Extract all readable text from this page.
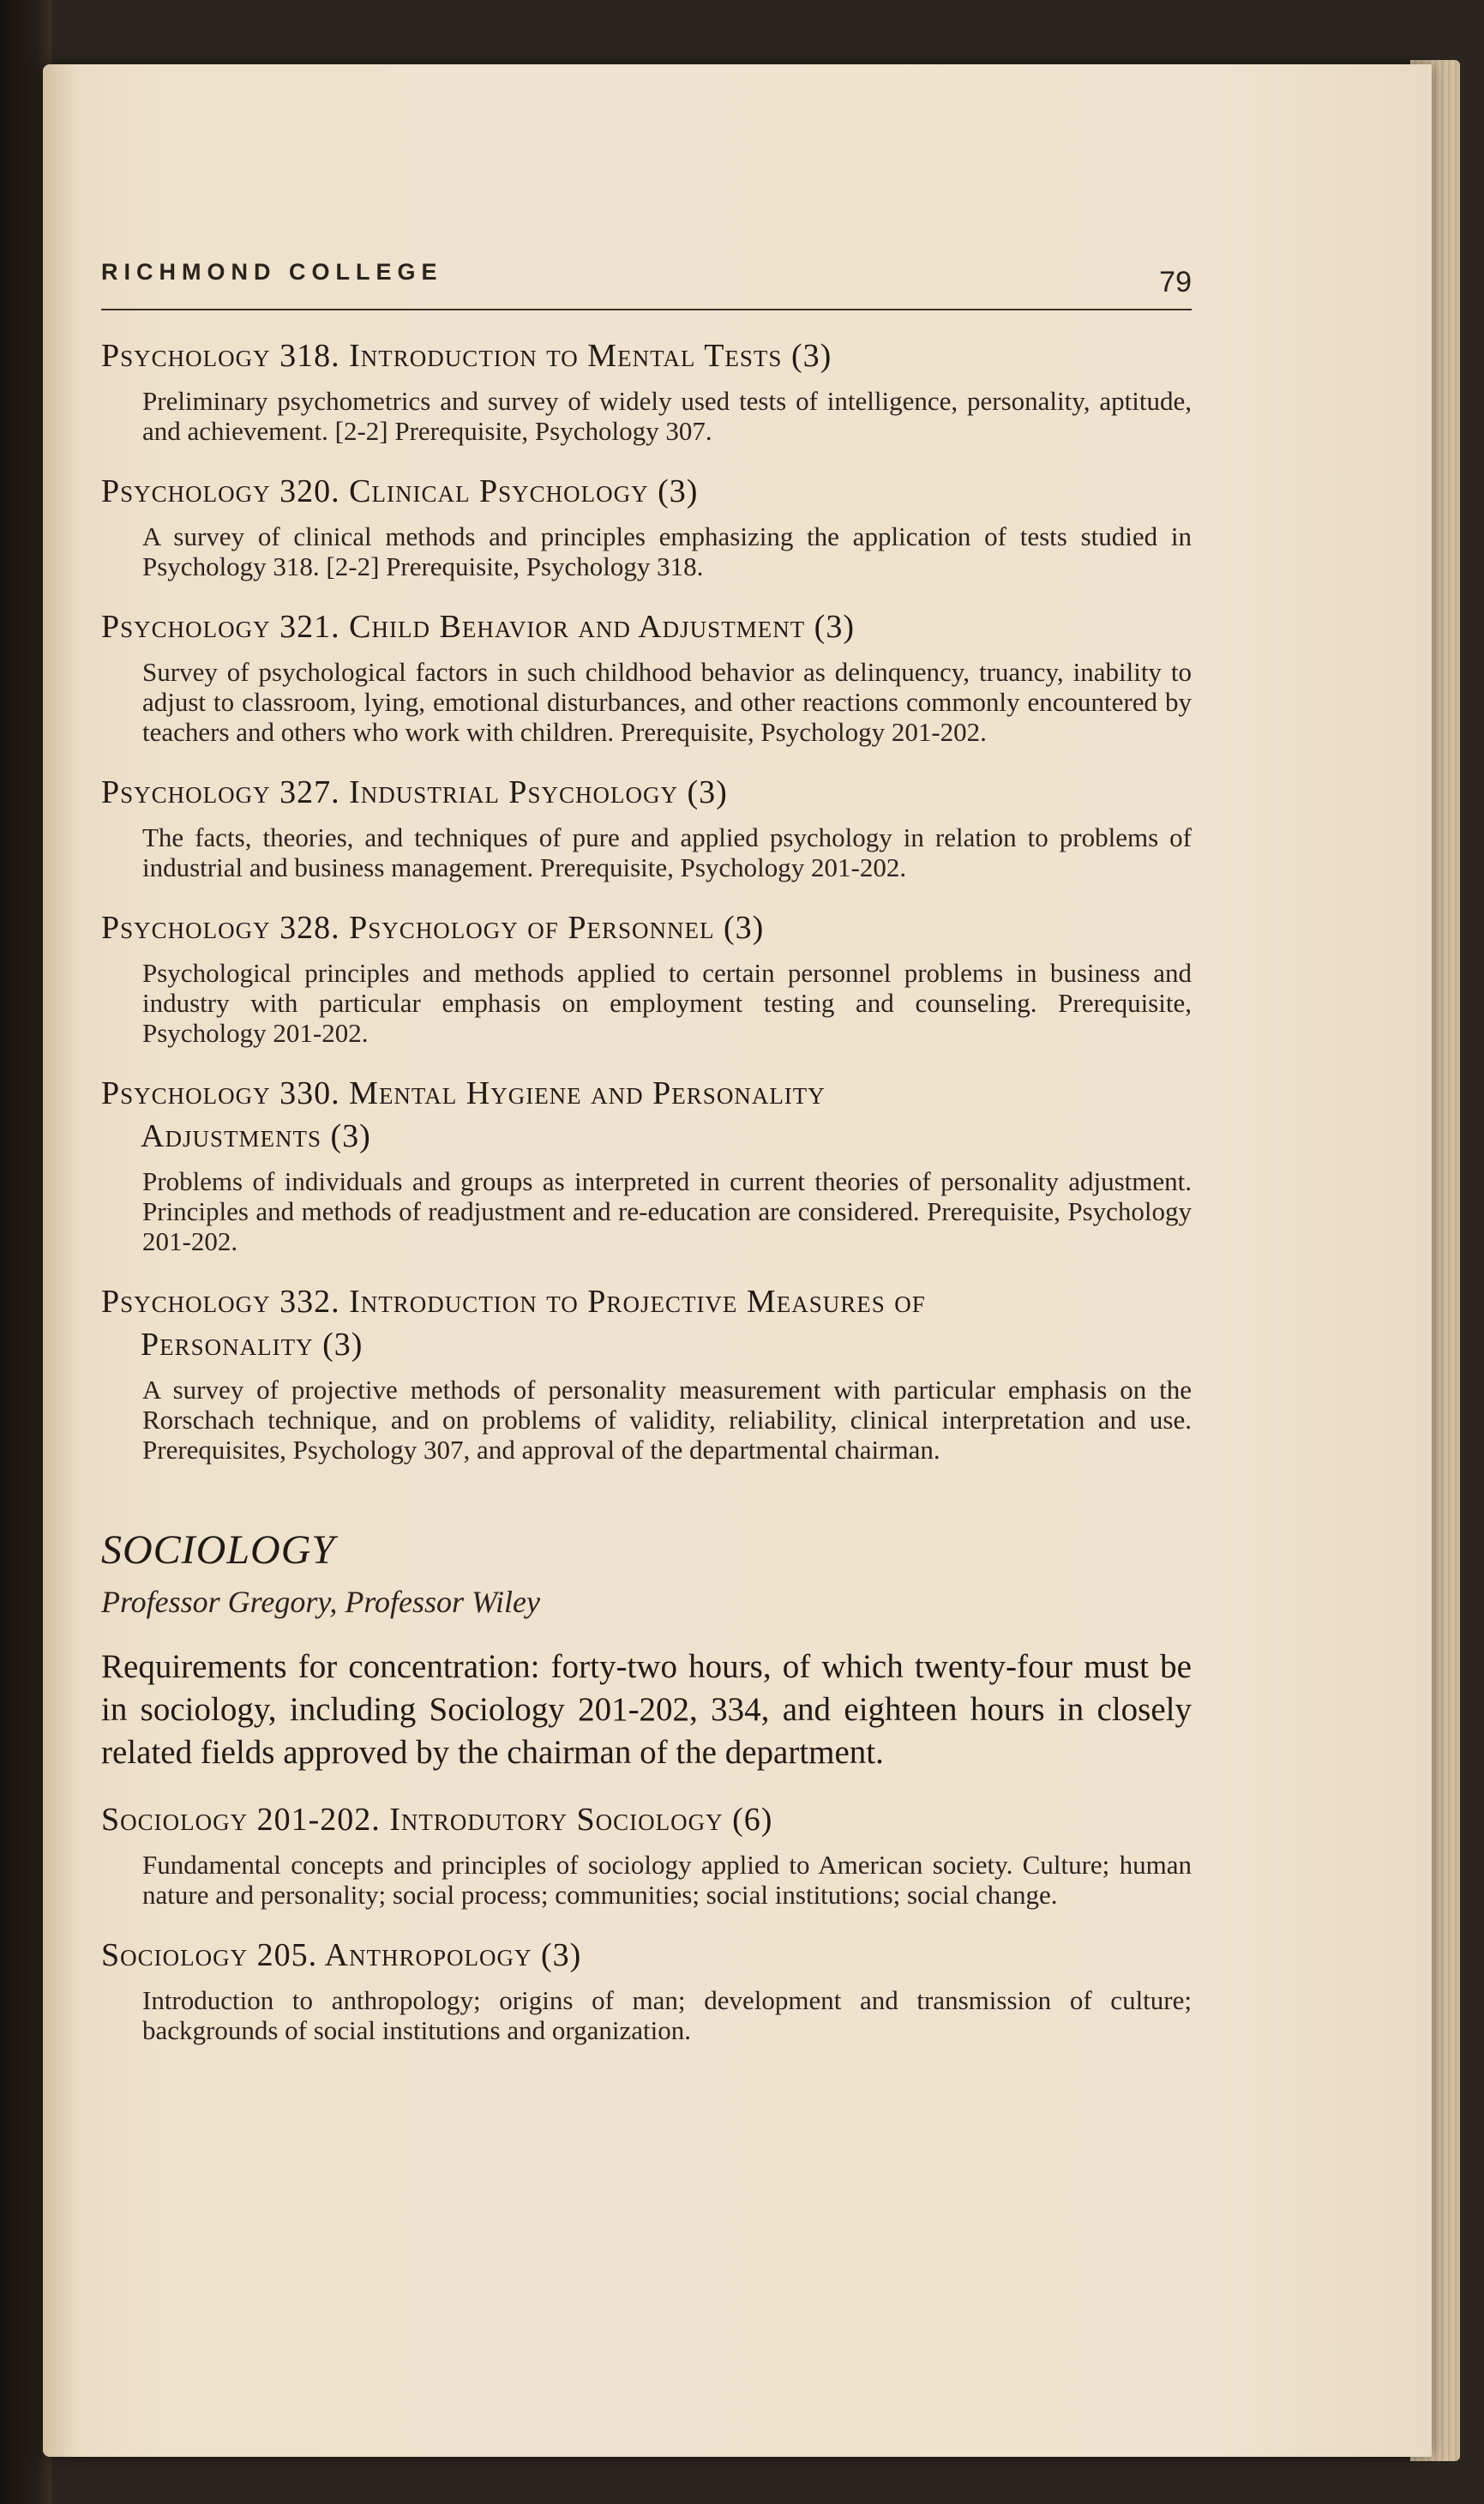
RICHMOND COLLEGE	79
Psychology 318. Introduction to Mental Tests (3)
Preliminary psychometrics and survey of widely used tests of intelligence, personality, aptitude, and achievement. [2-2] Prerequisite, Psychology 307.
Psychology 320. Clinical Psychology (3)
A survey of clinical methods and principles emphasizing the application of tests studied in Psychology 318. [2-2] Prerequisite, Psychology 318.
Psychology 321. Child Behavior and Adjustment (3)
Survey of psychological factors in such childhood behavior as delinquency, truancy, inability to adjust to classroom, lying, emotional disturbances, and other reactions commonly encountered by teachers and others who work with children. Prerequisite, Psychology 201-202.
Psychology 327. Industrial Psychology (3)
The facts, theories, and techniques of pure and applied psychology in relation to problems of industrial and business management. Prerequisite, Psychology 201-202.
Psychology 328. Psychology of Personnel (3)
Psychological principles and methods applied to certain personnel problems in business and industry with particular emphasis on employment testing and counseling. Prerequisite, Psychology 201-202.
Psychology 330. Mental Hygiene and Personality
Adjustments (3)
Problems of individuals and groups as interpreted in current theories of personality adjustment. Principles and methods of readjustment and re-education are considered. Prerequisite, Psychology 201-202.
Psychology 332. Introduction to Projective Measures of
Personality (3)
A survey of projective methods of personality measurement with particular emphasis on the Rorschach technique, and on problems of validity, reliability, clinical interpretation and use. Prerequisites, Psychology 307, and approval of the departmental chairman.
SOCIOLOGY
Professor Gregory, Professor Wiley
Requirements for concentration: forty-two hours, of which twenty-four must be in sociology, including Sociology 201-202, 334, and eighteen hours in closely related fields approved by the chairman of the department.
Sociology 201-202. Introdutory Sociology (6)
Fundamental concepts and principles of sociology applied to American society. Culture; human nature and personality; social process; communities; social institutions; social change.
Sociology 205. Anthropology (3)
Introduction to anthropology; origins of man; development and transmission of culture; backgrounds of social institutions and organization.
